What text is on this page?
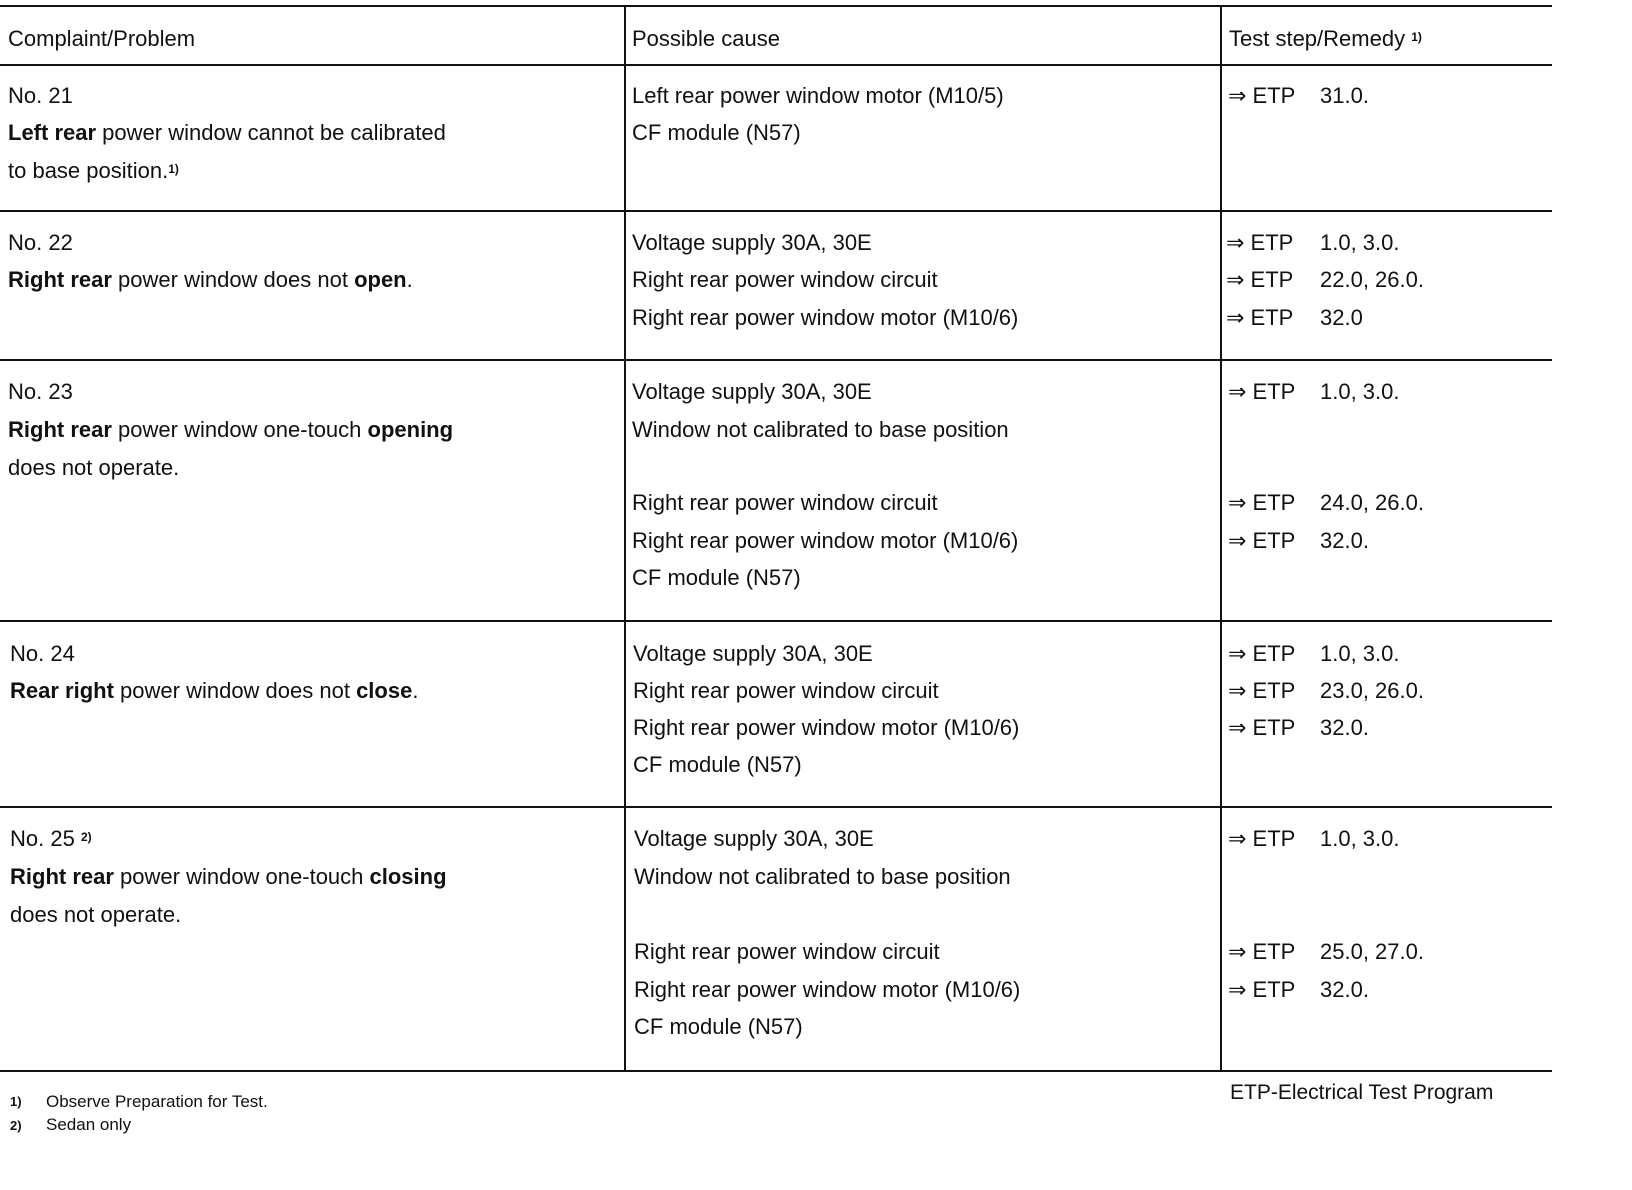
Complaint/Problem	Possible cause	Test step/Remedy $^{1)}$
No. 21
Left rear power window cannot be calibrated
to base position.$^{1)}$
Left rear power window motor (M10/5)
CF module (N57)
⇒ ETP 31.0.
No. 22
Right rear power window does not open.
Voltage supply 30A, 30E
Right rear power window circuit
Right rear power window motor (M10/6)
⇒ ETP 1.0, 3.0.
⇒ ETP 22.0, 26.0.
⇒ ETP 32.0
No. 23
Right rear power window one-touch opening
does not operate.
Voltage supply 30A, 30E
Window not calibrated to base position
Right rear power window circuit
Right rear power window motor (M10/6)
CF module (N57)
⇒ ETP 1.0, 3.0.
⇒ ETP 24.0, 26.0.
⇒ ETP 32.0.
No. 24
Rear right power window does not close.
Voltage supply 30A, 30E
Right rear power window circuit
Right rear power window motor (M10/6)
CF module (N57)
⇒ ETP 1.0, 3.0.
⇒ ETP 23.0, 26.0.
⇒ ETP 32.0.
No. 25 $^{2)}$
Right rear power window one-touch closing
does not operate.
Voltage supply 30A, 30E
Window not calibrated to base position
Right rear power window circuit
Right rear power window motor (M10/6)
CF module (N57)
⇒ ETP 1.0, 3.0.
⇒ ETP 25.0, 27.0.
⇒ ETP 32.0.
1) Observe Preparation for Test.
2) Sedan only
ETP-Electrical Test Program
